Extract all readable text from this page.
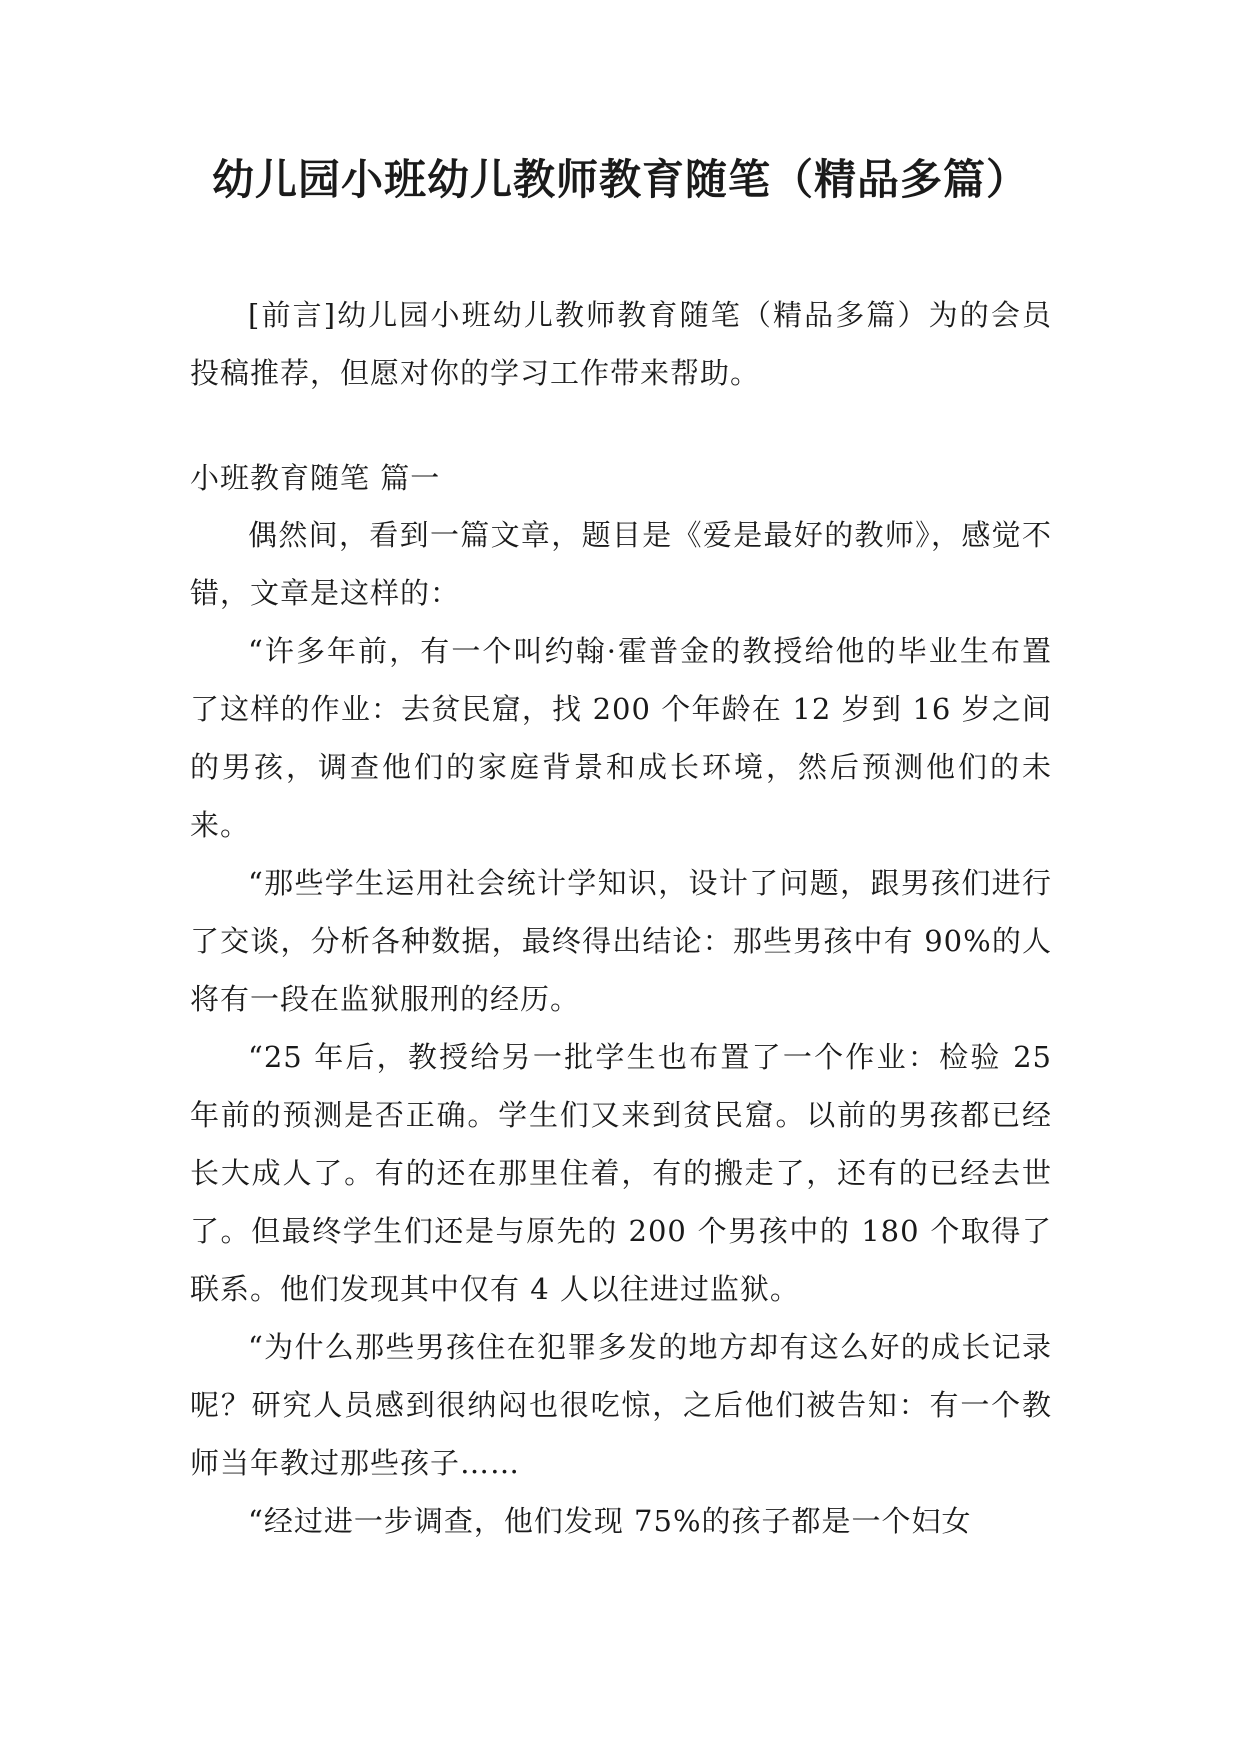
幼儿园小班幼儿教师教育随笔（精品多篇）

[前言]幼儿园小班幼儿教师教育随笔（精品多篇）为的会员投稿推荐，但愿对你的学习工作带来帮助。

小班教育随笔 篇一

偶然间，看到一篇文章，题目是《爱是最好的教师》，感觉不错，文章是这样的：

“许多年前，有一个叫约翰·霍普金的教授给他的毕业生布置了这样的作业：去贫民窟，找 200 个年龄在 12 岁到 16 岁之间的男孩，调查他们的家庭背景和成长环境，然后预测他们的未来。

“那些学生运用社会统计学知识，设计了问题，跟男孩们进行了交谈，分析各种数据，最终得出结论：那些男孩中有 90%的人将有一段在监狱服刑的经历。

“25 年后，教授给另一批学生也布置了一个作业：检验 25 年前的预测是否正确。学生们又来到贫民窟。以前的男孩都已经长大成人了。有的还在那里住着，有的搬走了，还有的已经去世了。但最终学生们还是与原先的 200 个男孩中的 180 个取得了联系。他们发现其中仅有 4 人以往进过监狱。

“为什么那些男孩住在犯罪多发的地方却有这么好的成长记录呢？研究人员感到很纳闷也很吃惊，之后他们被告知：有一个教师当年教过那些孩子……

“经过进一步调查，他们发现 75%的孩子都是一个妇女
